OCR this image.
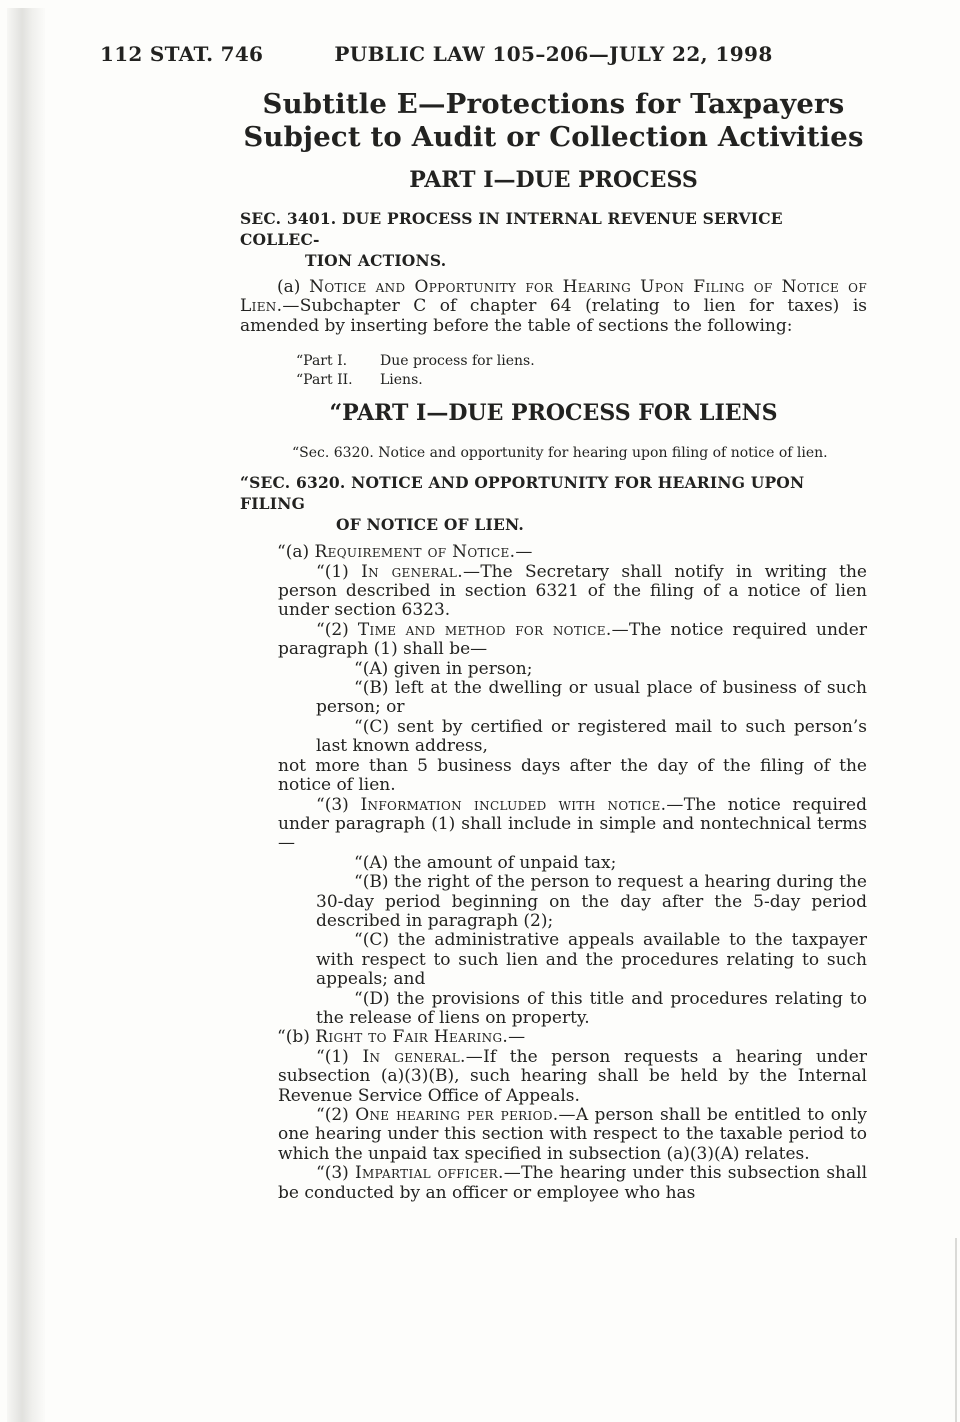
112 STAT. 746	PUBLIC LAW 105–206—JULY 22, 1998
Subtitle E—Protections for Taxpayers
Subject to Audit or Collection Activities
PART I—DUE PROCESS
SEC. 3401. DUE PROCESS IN INTERNAL REVENUE SERVICE COLLEC-
TION ACTIONS.

(a) Notice and Opportunity for Hearing Upon Filing of Notice of Lien.—Subchapter C of chapter 64 (relating to lien for taxes) is amended by inserting before the table of sections the following:

“Part I. Due process for liens.
“Part II. Liens.
“PART I—DUE PROCESS FOR LIENS
“Sec. 6320. Notice and opportunity for hearing upon filing of notice of lien.
“SEC. 6320. NOTICE AND OPPORTUNITY FOR HEARING UPON FILING
OF NOTICE OF LIEN.

“(a) Requirement of Notice.—

“(1) In general.—The Secretary shall notify in writing the person described in section 6321 of the filing of a notice of lien under section 6323.

“(2) Time and method for notice.—The notice required under paragraph (1) shall be—

“(A) given in person;

“(B) left at the dwelling or usual place of business of such person; or

“(C) sent by certified or registered mail to such person’s last known address,

not more than 5 business days after the day of the filing of the notice of lien.

“(3) Information included with notice.—The notice required under paragraph (1) shall include in simple and nontechnical terms—

“(A) the amount of unpaid tax;

“(B) the right of the person to request a hearing during the 30-day period beginning on the day after the 5-day period described in paragraph (2);

“(C) the administrative appeals available to the taxpayer with respect to such lien and the procedures relating to such appeals; and

“(D) the provisions of this title and procedures relating to the release of liens on property.

“(b) Right to Fair Hearing.—

“(1) In general.—If the person requests a hearing under subsection (a)(3)(B), such hearing shall be held by the Internal Revenue Service Office of Appeals.

“(2) One hearing per period.—A person shall be entitled to only one hearing under this section with respect to the taxable period to which the unpaid tax specified in subsection (a)(3)(A) relates.

“(3) Impartial officer.—The hearing under this subsection shall be conducted by an officer or employee who has
